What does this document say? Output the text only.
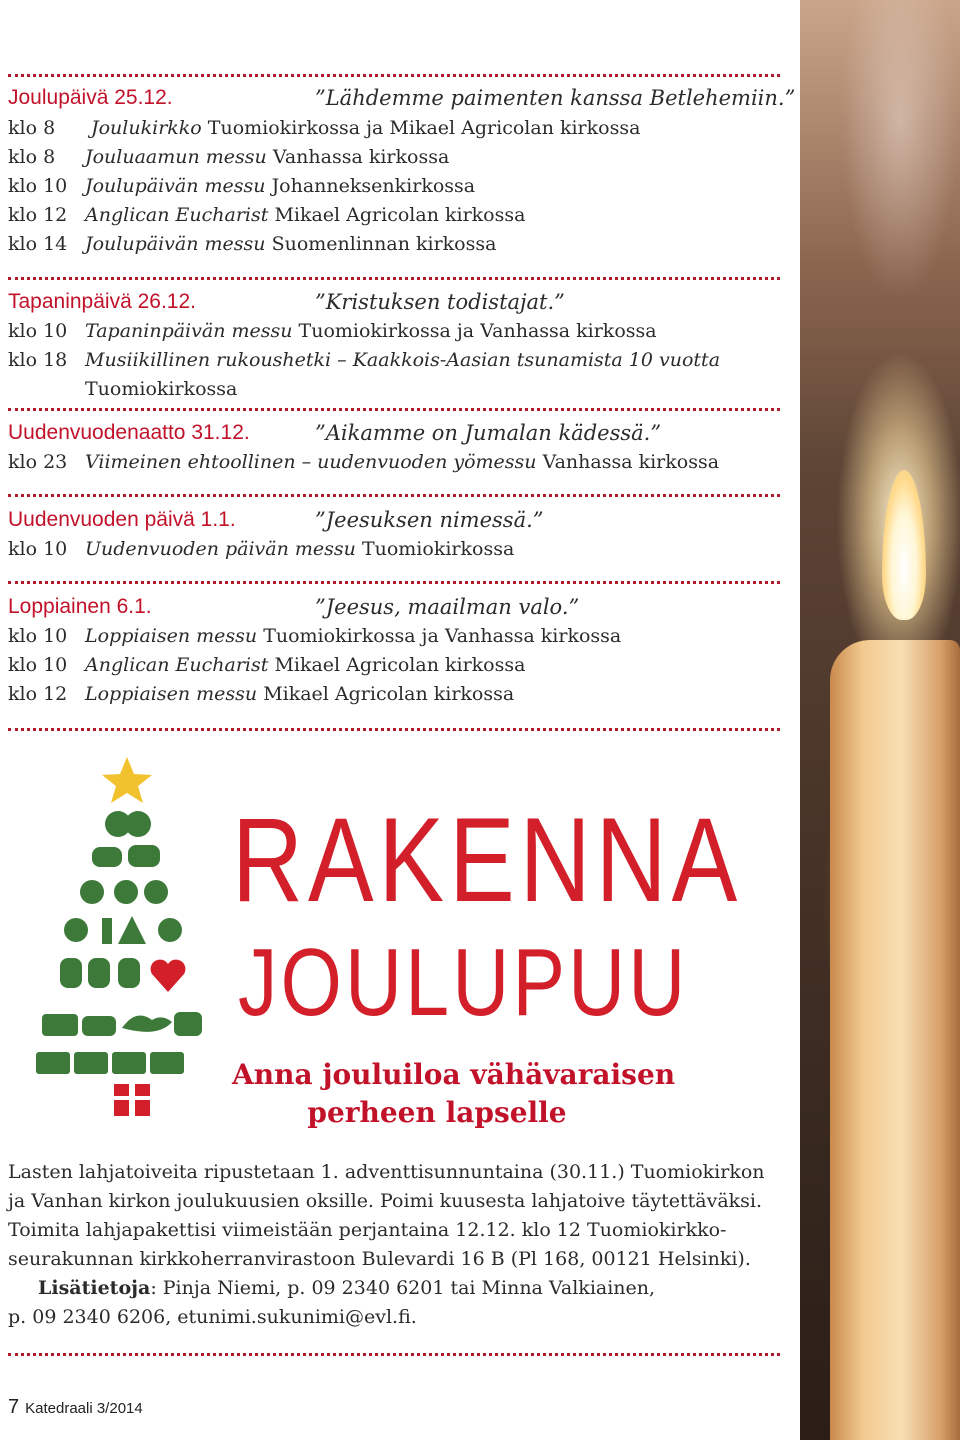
Joulupäivä 25.12.	”Lähdemme paimenten kanssa Betlehemiin.”
klo 8	Joulukirkko Tuomiokirkossa ja Mikael Agricolan kirkossa
klo 8	Jouluaamun messu Vanhassa kirkossa
klo 10 Joulupäivän messu Johanneksenkirkossa
klo 12 Anglican Eucharist Mikael Agricolan kirkossa
klo 14 Joulupäivän messu Suomenlinnan kirkossa
Tapaninpäivä 26.12.	”Kristuksen todistajat.”
klo 10 Tapaninpäivän messu Tuomiokirkossa ja Vanhassa kirkossa
klo 18 Musiikillinen rukoushetki – Kaakkois-Aasian tsunamista 10 vuotta
Tuomiokirkossa
Uudenvuodenaatto 31.12.	”Aikamme on Jumalan kädessä.”
klo 23 Viimeinen ehtoollinen – uudenvuoden yömessu Vanhassa kirkossa
Uudenvuoden päivä 1.1.	”Jeesuksen nimessä.”
klo 10 Uudenvuoden päivän messu Tuomiokirkossa
Loppiainen 6.1.	”Jeesus, maailman valo.”
klo 10 Loppiaisen messu Tuomiokirkossa ja Vanhassa kirkossa
klo 10 Anglican Eucharist Mikael Agricolan kirkossa
klo 12 Loppiaisen messu Mikael Agricolan kirkossa
RAKENNA
JOULUPUU
Anna jouluiloa vähävaraisen
perheen lapselle
Lasten lahjatoiveita ripustetaan 1. adventtisunnuntaina (30.11.) Tuomiokirkon
ja Vanhan kirkon joulukuusien oksille. Poimi kuusesta lahjatoive täytettäväksi.
Toimita lahjapakettisi viimeistään perjantaina 12.12. klo 12 Tuomiokirkko-
seurakunnan kirkkoherranvirastoon Bulevardi 16 B (Pl 168, 00121 Helsinki).
Lisätietoja: Pinja Niemi, p. 09 2340 6201 tai Minna Valkiainen,
p. 09 2340 6206, etunimi.sukunimi@evl.fi.
7 Katedraali 3/2014
